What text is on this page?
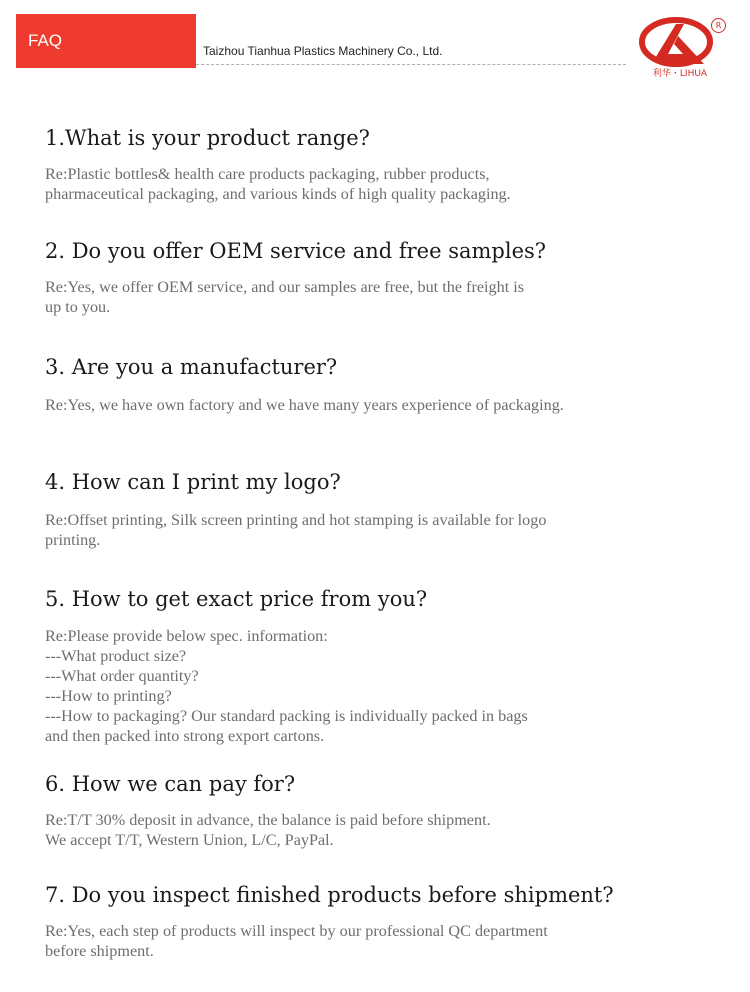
FAQ
Taizhou Tianhua Plastics Machinery Co., Ltd.
R
利华・LIHUA

1.What is your product range?

Re:Plastic bottles& health care products packaging, rubber products,
pharmaceutical packaging, and various kinds of high quality packaging.

2. Do you offer OEM service and free samples?

Re:Yes, we offer OEM service, and our samples are free, but the freight is
up to you.

3. Are you a manufacturer?

Re:Yes, we have own factory and we have many years experience of packaging.

4. How can I print my logo?

Re:Offset printing, Silk screen printing and hot stamping is available for logo
printing.

5. How to get exact price from you?

Re:Please provide below spec. information:
---What product size?
---What order quantity?
---How to printing?
---How to packaging? Our standard packing is individually packed in bags
and then packed into strong export cartons.

6. How we can pay for?

Re:T/T 30% deposit in advance, the balance is paid before shipment.
We accept T/T, Western Union, L/C, PayPal.

7. Do you inspect finished products before shipment?

Re:Yes, each step of products will inspect by our professional QC department
before shipment.
